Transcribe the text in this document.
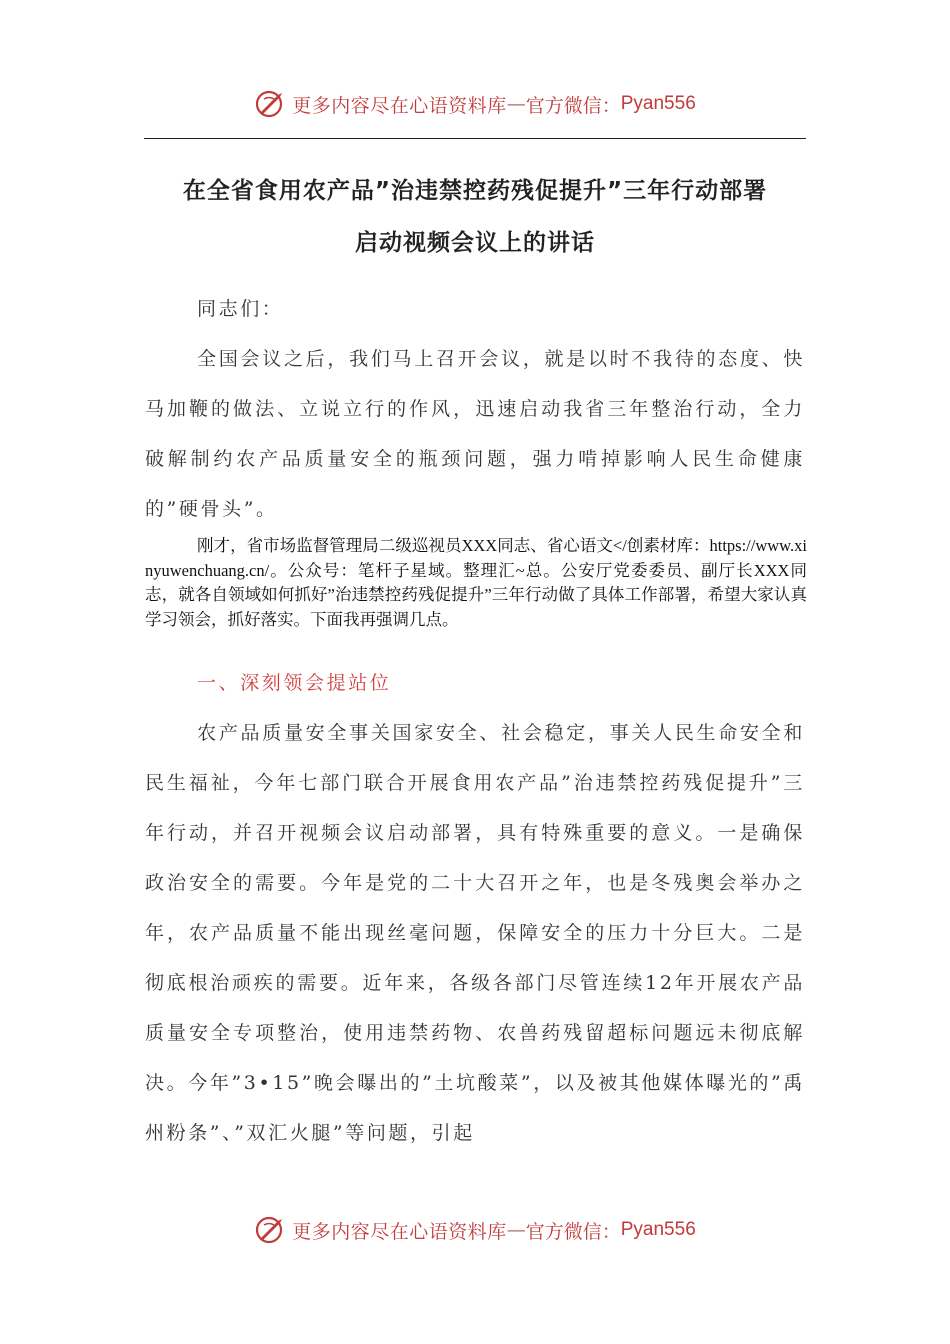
更多内容尽在心语资料库 — 官方微信： Pyan556
在全省食用农产品”治违禁控药残促提升”三年行动部署
启动视频会议上的讲话
同志们：
全国会议之后，我们马上召开会议，就是以时不我待的态度、快马加鞭的做法、立说立行的作风，迅速启动我省三年整治行动，全力破解制约农产品质量安全的瓶颈问题，强力啃掉影响人民生命健康的”硬骨头”。
刚才，省市场监督管理局二级巡视员XXX同志、省心语文</创素材库：https://www.xinyuwenchuang.cn/。公众号：笔杆子星域。整理汇~总。公安厅党委委员、副厅长XXX同志，就各自领域如何抓好”治违禁控药残促提升”三年行动做了具体工作部署，希望大家认真学习领会，抓好落实。下面我再强调几点。
一、深刻领会提站位
农产品质量安全事关国家安全、社会稳定，事关人民生命安全和民生福祉，今年七部门联合开展食用农产品”治违禁控药残促提升”三年行动，并召开视频会议启动部署，具有特殊重要的意义。一是确保政治安全的需要。今年是党的二十大召开之年，也是冬残奥会举办之年，农产品质量不能出现丝毫问题，保障安全的压力十分巨大。二是彻底根治顽疾的需要。近年来，各级各部门尽管连续12年开展农产品质量安全专项整治，使用违禁药物、农兽药残留超标问题远未彻底解决。今年”3•15”晚会曝出的”土坑酸菜”，以及被其他媒体曝光的”禹州粉条”、”双汇火腿”等问题，引起
更多内容尽在心语资料库 — 官方微信： Pyan556
